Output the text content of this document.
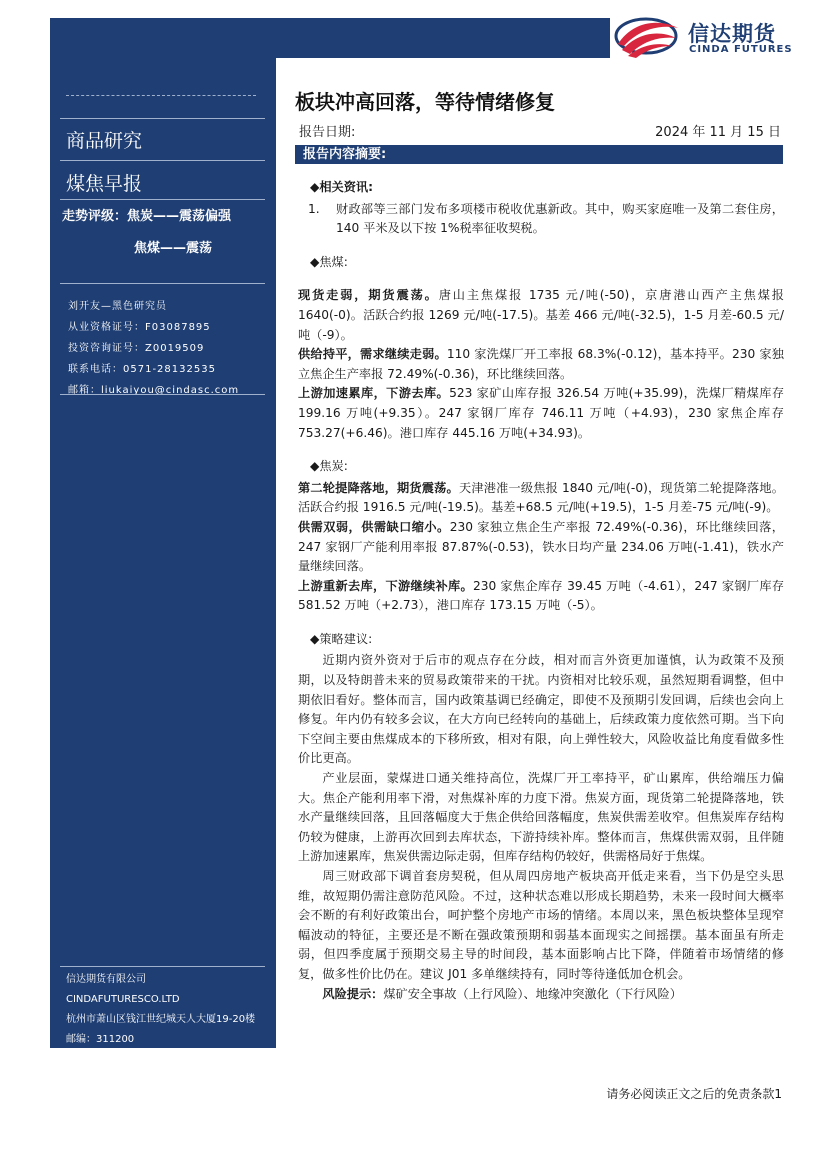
信达期货
CINDA FUTURES
商品研究
煤焦早报
走势评级：焦炭——震荡偏强
焦煤——震荡
刘开友—黑色研究员
从业资格证号：F03087895
投资咨询证号：Z0019509
联系电话：0571-28132535
邮箱：liukaiyou@cindasc.com
信达期货有限公司
CINDAFUTURESCO.LTD
杭州市萧山区钱江世纪城天人大厦19-20楼
邮编：311200
板块冲高回落，等待情绪修复
报告日期:	2024 年 11 月 15 日
报告内容摘要:
◆相关资讯:
1.	财政部等三部门发布多项楼市税收优惠新政。其中，购买家庭唯一及第二套住房，140 平米及以下按 1%税率征收契税。

◆焦煤:

现货走弱，期货震荡。唐山主焦煤报 1735 元/吨(-50)，京唐港山西产主焦煤报 1640(-0)。活跃合约报 1269 元/吨(-17.5)。基差 466 元/吨(-32.5)，1-5 月差-60.5 元/吨（-9）。

供给持平，需求继续走弱。110 家洗煤厂开工率报 68.3%(-0.12)，基本持平。230 家独立焦企生产率报 72.49%(-0.36)，环比继续回落。

上游加速累库，下游去库。523 家矿山库存报 326.54 万吨(+35.99)，洗煤厂精煤库存 199.16 万吨(+9.35）。247 家钢厂库存 746.11 万吨（+4.93)，230 家焦企库存 753.27(+6.46)。港口库存 445.16 万吨(+34.93)。

◆焦炭:

第二轮提降落地，期货震荡。天津港准一级焦报 1840 元/吨(-0)，现货第二轮提降落地。活跃合约报 1916.5 元/吨(-19.5)。基差+68.5 元/吨(+19.5)，1-5 月差-75 元/吨(-9)。

供需双弱，供需缺口缩小。230 家独立焦企生产率报 72.49%(-0.36)，环比继续回落，247 家钢厂产能利用率报 87.87%(-0.53)，铁水日均产量 234.06 万吨(-1.41)，铁水产量继续回落。

上游重新去库，下游继续补库。230 家焦企库存 39.45 万吨（-4.61），247 家钢厂库存 581.52 万吨（+2.73），港口库存 173.15 万吨（-5）。

◆策略建议:

近期内资外资对于后市的观点存在分歧，相对而言外资更加谨慎，认为政策不及预期，以及特朗普未来的贸易政策带来的干扰。内资相对比较乐观，虽然短期看调整，但中期依旧看好。整体而言，国内政策基调已经确定，即使不及预期引发回调，后续也会向上修复。年内仍有较多会议，在大方向已经转向的基础上，后续政策力度依然可期。当下向下空间主要由焦煤成本的下移所致，相对有限，向上弹性较大，风险收益比角度看做多性价比更高。

产业层面，蒙煤进口通关维持高位，洗煤厂开工率持平，矿山累库，供给端压力偏大。焦企产能利用率下滑，对焦煤补库的力度下滑。焦炭方面，现货第二轮提降落地，铁水产量继续回落，且回落幅度大于焦企供给回落幅度，焦炭供需差收窄。但焦炭库存结构仍较为健康，上游再次回到去库状态，下游持续补库。整体而言，焦煤供需双弱，且伴随上游加速累库，焦炭供需边际走弱，但库存结构仍较好，供需格局好于焦煤。

周三财政部下调首套房契税，但从周四房地产板块高开低走来看，当下仍是空头思维，故短期仍需注意防范风险。不过，这种状态难以形成长期趋势，未来一段时间大概率会不断的有利好政策出台，呵护整个房地产市场的情绪。本周以来，黑色板块整体呈现窄幅波动的特征，主要还是不断在强政策预期和弱基本面现实之间摇摆。基本面虽有所走弱，但四季度属于预期交易主导的时间段，基本面影响占比下降，伴随着市场情绪的修复，做多性价比仍在。建议 J01 多单继续持有，同时等待逢低加仓机会。

风险提示：煤矿安全事故（上行风险）、地缘冲突激化（下行风险）

请务必阅读正文之后的免责条款1
